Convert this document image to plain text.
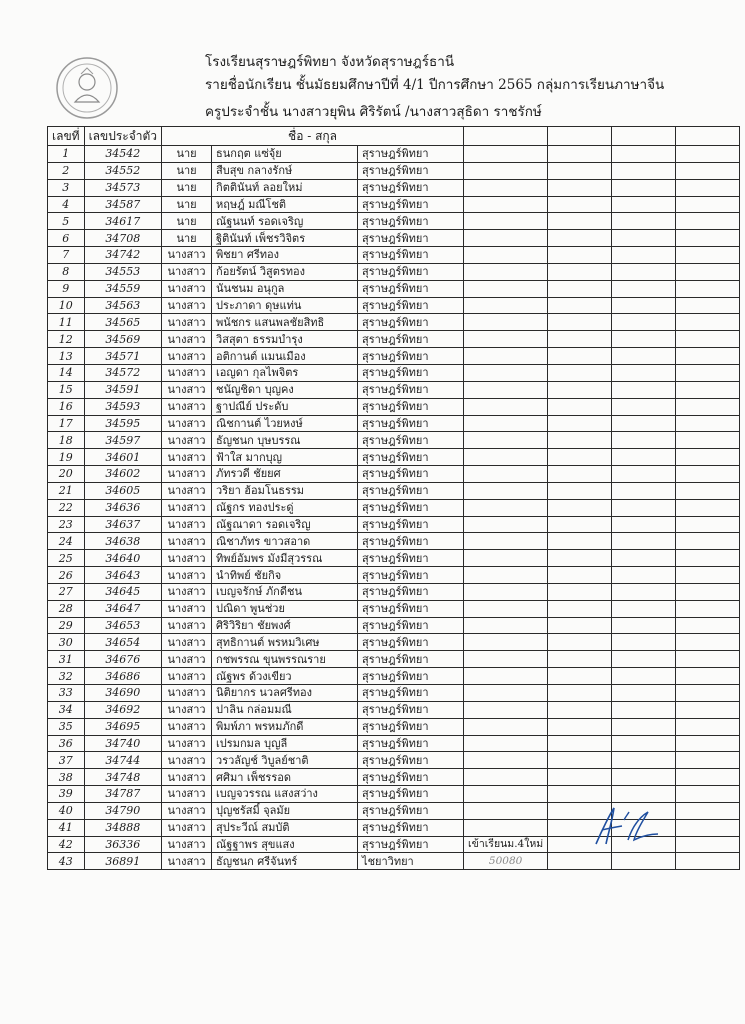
โรงเรียนสุราษฎร์พิทยา จังหวัดสุราษฎร์ธานี
รายชื่อนักเรียน ชั้นมัธยมศึกษาปีที่ 4/1 ปีการศึกษา 2565 กลุ่มการเรียนภาษาจีน
ครูประจำชั้น นางสาวยุพิน ศิริรัตน์ /นางสาวสุธิดา ราชรักษ์
เลขที่	เลขประจำตัว	ชื่อ - สกุล						
1	34542	นาย	ธนกฤต แซ่จุ้ย	สุราษฎร์พิทยา				
2	34552	นาย	สืบสุข กลางรักษ์	สุราษฎร์พิทยา				
3	34573	นาย	กิตตินันท์ ลอยใหม่	สุราษฎร์พิทยา				
4	34587	นาย	หฤษฎ์ มณีโชติ	สุราษฎร์พิทยา				
5	34617	นาย	ณัฐนนท์ รอดเจริญ	สุราษฎร์พิทยา				
6	34708	นาย	ฐิตินันท์ เพ็ชรวิจิตร	สุราษฎร์พิทยา				
7	34742	นางสาว	พิชยา ศรีทอง	สุราษฎร์พิทยา				
8	34553	นางสาว	ก้อยรัตน์ วิสูตรทอง	สุราษฎร์พิทยา				
9	34559	นางสาว	นันชนม อนุกูล	สุราษฎร์พิทยา				
10	34563	นางสาว	ประภาดา ดุษแท่น	สุราษฎร์พิทยา				
11	34565	นางสาว	พนัชกร แสนพลชัยสิทธิ	สุราษฎร์พิทยา				
12	34569	นางสาว	วิสสุตา ธรรมบำรุง	สุราษฎร์พิทยา				
13	34571	นางสาว	อติกานต์ แมนเมือง	สุราษฎร์พิทยา				
14	34572	นางสาว	เอญดา กุลไพจิตร	สุราษฎร์พิทยา				
15	34591	นางสาว	ชนัญชิดา บุญคง	สุราษฎร์พิทยา				
16	34593	นางสาว	ฐาปณีย์ ประดับ	สุราษฎร์พิทยา				
17	34595	นางสาว	ณิชกานต์ ไวยหงษ์	สุราษฎร์พิทยา				
18	34597	นางสาว	ธัญชนก บุษบรรณ	สุราษฎร์พิทยา				
19	34601	นางสาว	ฟ้าใส มากบุญ	สุราษฎร์พิทยา				
20	34602	นางสาว	ภัทรวดี ชัยยศ	สุราษฎร์พิทยา				
21	34605	นางสาว	วริยา ฮ้อมโนธรรม	สุราษฎร์พิทยา				
22	34636	นางสาว	ณัฐกร ทองประดู่	สุราษฎร์พิทยา				
23	34637	นางสาว	ณัฐณาดา รอดเจริญ	สุราษฎร์พิทยา				
24	34638	นางสาว	ณิชาภัทร ขาวสอาด	สุราษฎร์พิทยา				
25	34640	นางสาว	ทิพย์อัมพร มังมีสุวรรณ	สุราษฎร์พิทยา				
26	34643	นางสาว	นำทิพย์ ชัยกิจ	สุราษฎร์พิทยา				
27	34645	นางสาว	เบญจรักษ์ ภักดีชน	สุราษฎร์พิทยา				
28	34647	นางสาว	ปณิดา พูนช่วย	สุราษฎร์พิทยา				
29	34653	นางสาว	ศิริวิริยา ชัยพงศ์	สุราษฎร์พิทยา				
30	34654	นางสาว	สุทธิกานต์ พรหมวิเศษ	สุราษฎร์พิทยา				
31	34676	นางสาว	กชพรรณ ขุนพรรณราย	สุราษฎร์พิทยา				
32	34686	นางสาว	ณัฐพร ด้วงเขียว	สุราษฎร์พิทยา				
33	34690	นางสาว	นิติยากร นวลศรีทอง	สุราษฎร์พิทยา				
34	34692	นางสาว	ปาลิน กล่อมมณี	สุราษฎร์พิทยา				
35	34695	นางสาว	พิมพ์ภา พรหมภักดี	สุราษฎร์พิทยา				
36	34740	นางสาว	เปรมกมล บุญลี	สุราษฎร์พิทยา				
37	34744	นางสาว	วรวลัญช์ วิบูลย์ชาติ	สุราษฎร์พิทยา				
38	34748	นางสาว	ศศิมา เพ็ชรรอด	สุราษฎร์พิทยา				
39	34787	นางสาว	เบญจวรรณ แสงสว่าง	สุราษฎร์พิทยา				
40	34790	นางสาว	ปุญชรัสมิ์ จุลมัย	สุราษฎร์พิทยา				
41	34888	นางสาว	สุประวีณ์ สมบัติ	สุราษฎร์พิทยา				
42	36336	นางสาว	ณัฐฐาพร สุขแสง	สุราษฎร์พิทยา	เข้าเรียนม.4ใหม่			
43	36891	นางสาว	ธัญชนก ศรีจันทร์	ไชยาวิทยา	50080			
